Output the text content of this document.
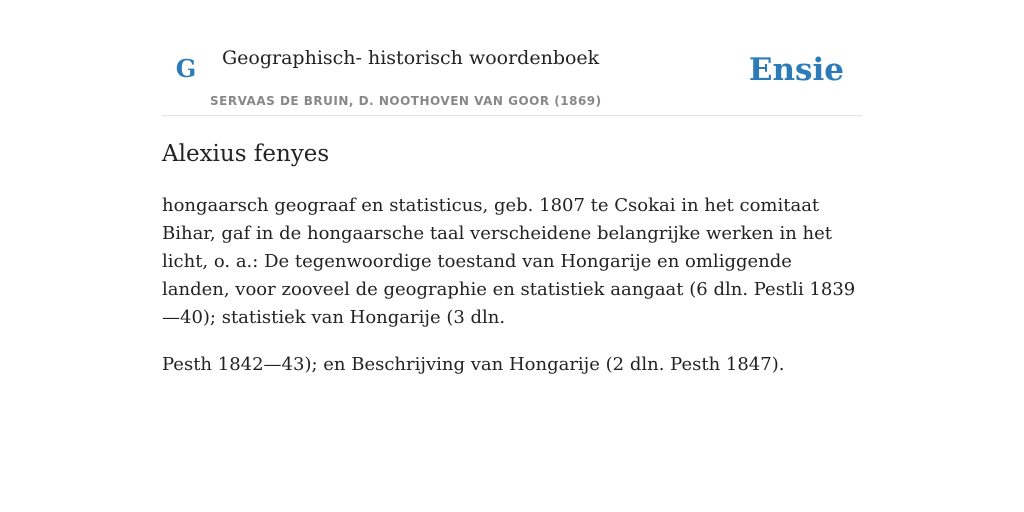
G Geographisch- historisch woordenboek
SERVAAS DE BRUIN, D. NOOTHOVEN VAN GOOR (1869)
Ensie
Alexius fenyes

hongaarsch geograaf en statisticus, geb. 1807 te Csokai in het comitaat Bihar, gaf in de hongaarsche taal verscheidene belangrijke werken in het licht, o. a.: De tegenwoordige toestand van Hongarije en omliggende landen, voor zooveel de geographie en statistiek aangaat (6 dln. Pestli 1839—40); statistiek van Hongarije (3 dln.

Pesth 1842—43); en Beschrijving van Hongarije (2 dln. Pesth 1847).
